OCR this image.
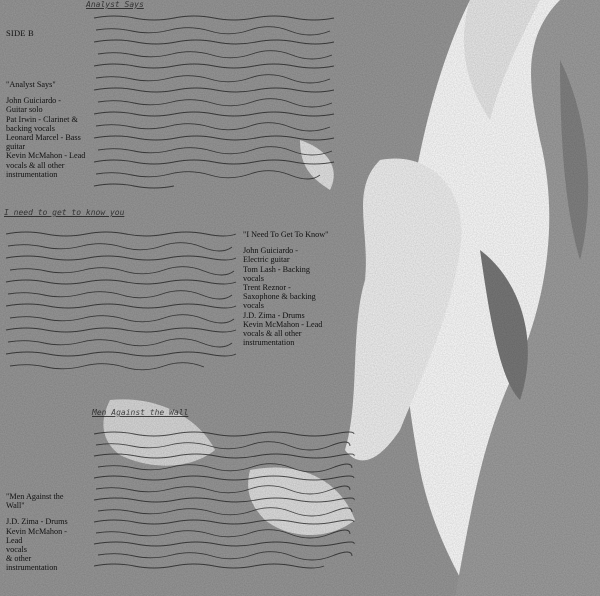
SIDE B
"Analyst Says"
John Guiciardo -
Guitar solo
Pat Irwin - Clarinet &
backing vocals
Leonard Marcel - Bass
guitar
Kevin McMahon - Lead
vocals & all other
instrumentation
"I Need To Get To Know"
John Guiciardo -
Electric guitar
Tom Lash - Backing
vocals
Trent Reznor -
Saxophone & backing
vocals
J.D. Zima - Drums
Kevin McMahon - Lead
vocals & all other
instrumentation
"Men Against the Wall"
J.D. Zima - Drums
Kevin McMahon -
Lead
vocals
& other
instrumentation
Analyst Says
I need to get to know you
Men Against the Wall
